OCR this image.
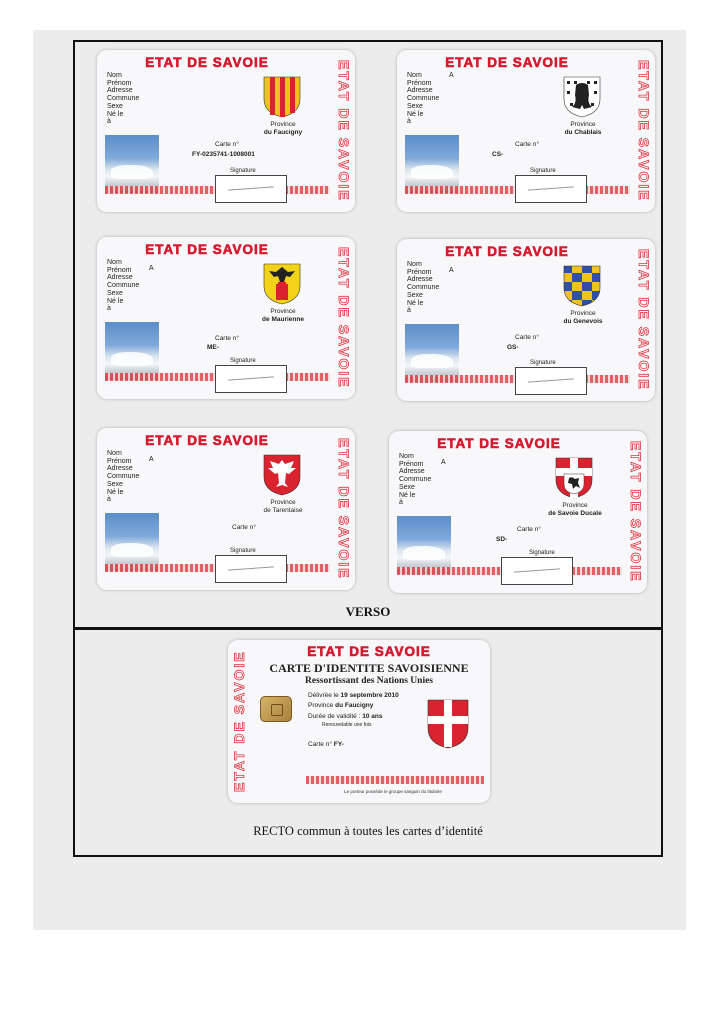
ETAT DE SAVOIE	ETAT DE SAVOIE
Nom
Prénom
Adresse
Commune
Sexe
Né le
à	Province
du Faucigny
Carte n°
FY-0235741-1008001
Signature
ETAT DE SAVOIE	ETAT DE SAVOIE
Nom
Prénom
Adresse
Commune
Sexe
Né le
à
A
Province
du Chablais
Carte n°
CS-
Signature
ETAT DE SAVOIE	ETAT DE SAVOIE
Nom
Prénom
Adresse
Commune
Sexe
Né le
à
A
Province
de Maurienne
Carte n°
ME-
Signature
ETAT DE SAVOIE	ETAT DE SAVOIE
Nom
Prénom
Adresse
Commune
Sexe
Né le
à
A
Province
du Genevois
Carte n°
GS-
Signature
ETAT DE SAVOIE	ETAT DE SAVOIE
Nom
Prénom
Adresse
Commune
Sexe
Né le
à
A
Province
de Tarentaise
Carte n°
Signature
ETAT DE SAVOIE	ETAT DE SAVOIE
Nom
Prénom
Adresse
Commune
Sexe
Né le
à
A
Province
de Savoie Ducale
Carte n°
SD-
Signature
VERSO
ETAT DE SAVOIE	ETAT DE SAVOIE
CARTE D'IDENTITE SAVOISIENNE
Ressortissant des Nations Unies
Délivrée le 19 septembre 2010
Province du Faucigny
Durée de validité : 10 ans
Renouvelable une fois
Carte n° FY-
Le porteur possède le groupe sanguin du titulaire
RECTO commun à toutes les cartes d’identité
